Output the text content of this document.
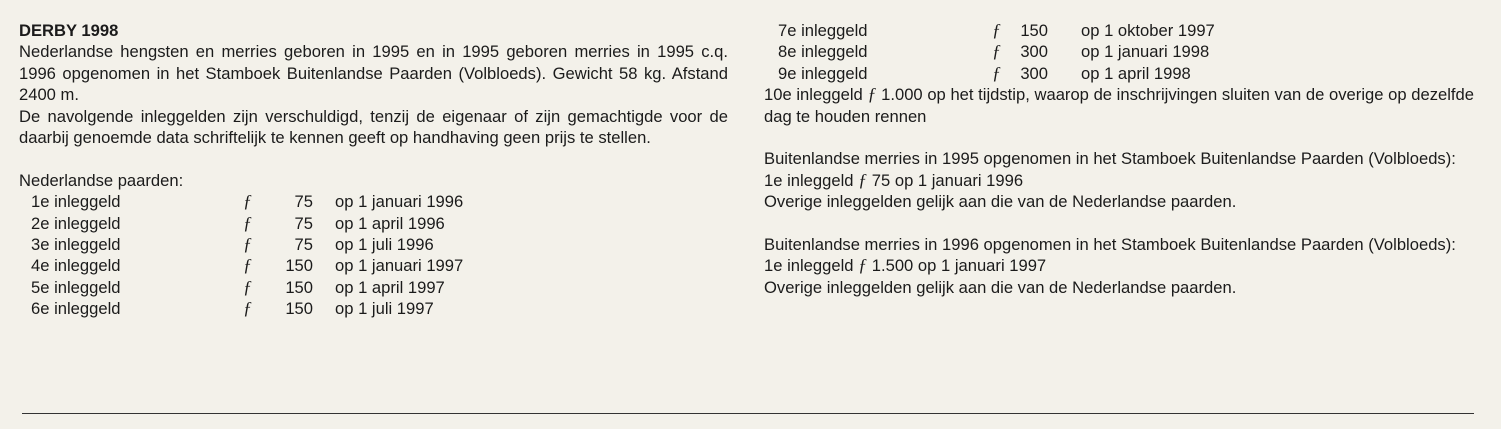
DERBY 1998

Nederlandse hengsten en merries geboren in 1995 en in 1995 geboren merries in 1995 c.q. 1996 opgenomen in het Stamboek Buitenlandse Paarden (Volbloeds). Gewicht 58 kg. Afstand 2400 m.

De navolgende inleggelden zijn verschuldigd, tenzij de eigenaar of zijn gemachtigde voor de daarbij genoemde data schriftelijk te kennen geeft op handhaving geen prijs te stellen.

Nederlandse paarden:
1e inleggeld	ƒ	75 op 1 januari 1996
2e inleggeld	ƒ	75 op 1 april 1996
3e inleggeld	ƒ	75 op 1 juli 1996
4e inleggeld	ƒ	150 op 1 januari 1997
5e inleggeld	ƒ	150 op 1 april 1997
6e inleggeld	ƒ	150 op 1 juli 1997
7e inleggeld	ƒ	150 op 1 oktober 1997
8e inleggeld	ƒ	300 op 1 januari 1998
9e inleggeld	ƒ	300 op 1 april 1998

10e inleggeld ƒ 1.000 op het tijdstip, waarop de inschrijvingen sluiten van de overige op dezelfde dag te houden rennen

Buitenlandse merries in 1995 opgenomen in het Stamboek Buitenlandse Paarden (Volbloeds):

1e inleggeld ƒ 75 op 1 januari 1996
Overige inleggelden gelijk aan die van de Nederlandse paarden.

Buitenlandse merries in 1996 opgenomen in het Stamboek Buitenlandse Paarden (Volbloeds):

1e inleggeld ƒ 1.500 op 1 januari 1997
Overige inleggelden gelijk aan die van de Nederlandse paarden.
